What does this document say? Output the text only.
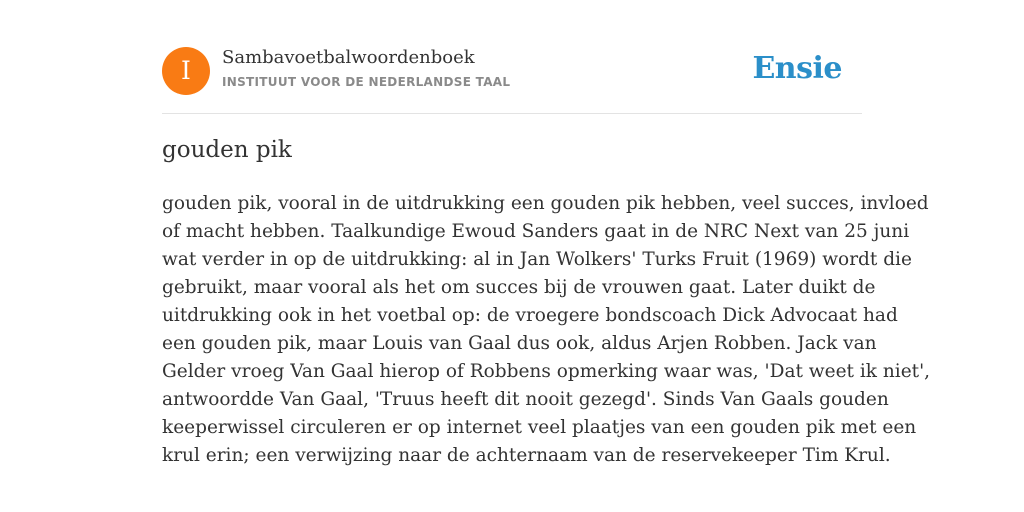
I	Sambavoetbalwoordenboek
INSTITUUT VOOR DE NEDERLANDSE TAAL	Ensie
gouden pik
gouden pik, vooral in de uitdrukking een gouden pik hebben, veel succes, invloed
of macht hebben. Taalkundige Ewoud Sanders gaat in de NRC Next van 25 juni
wat verder in op de uitdrukking: al in Jan Wolkers' Turks Fruit (1969) wordt die
gebruikt, maar vooral als het om succes bij de vrouwen gaat. Later duikt de
uitdrukking ook in het voetbal op: de vroegere bondscoach Dick Advocaat had
een gouden pik, maar Louis van Gaal dus ook, aldus Arjen Robben. Jack van
Gelder vroeg Van Gaal hierop of Robbens opmerking waar was, 'Dat weet ik niet',
antwoordde Van Gaal, 'Truus heeft dit nooit gezegd'. Sinds Van Gaals gouden
keeperwissel circuleren er op internet veel plaatjes van een gouden pik met een
krul erin; een verwijzing naar de achternaam van de reservekeeper Tim Krul.
